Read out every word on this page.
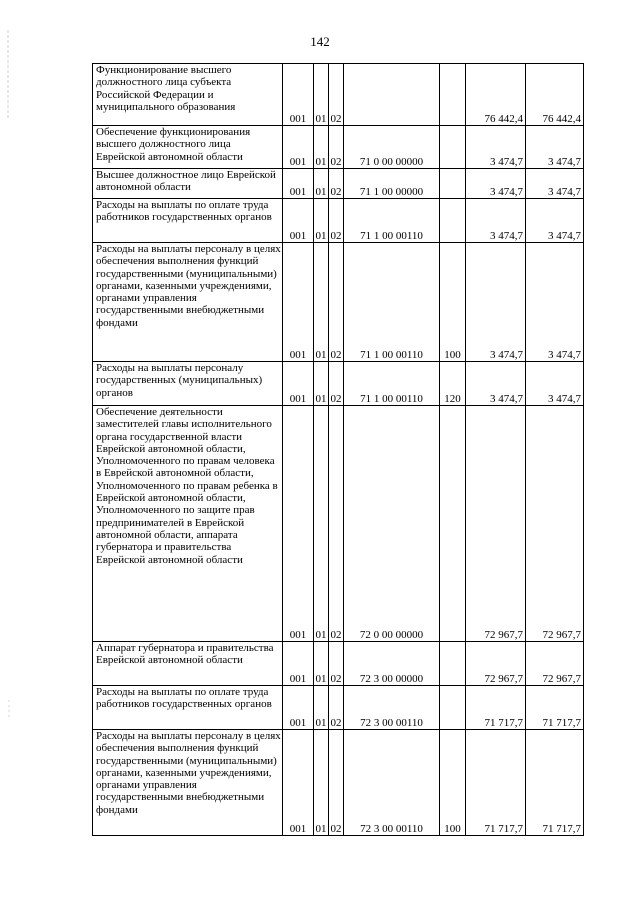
142
Функционирование высшего должностного лица субъекта Российской Федерации и муниципального образования	001	01	02			76 442,4	76 442,4
Обеспечение функционирования высшего должностного лица Еврейской автономной области	001	01	02	71 0 00 00000		3 474,7	3 474,7
Высшее должностное лицо Еврейской автономной области	001	01	02	71 1 00 00000		3 474,7	3 474,7
Расходы на выплаты по оплате труда работников государственных органов	001	01	02	71 1 00 00110		3 474,7	3 474,7
Расходы на выплаты персоналу в целях обеспечения выполнения функций государственными (муниципальными) органами, казенными учреждениями, органами управления государственными внебюджетными фондами	001	01	02	71 1 00 00110	100	3 474,7	3 474,7
Расходы на выплаты персоналу государственных (муниципальных) органов	001	01	02	71 1 00 00110	120	3 474,7	3 474,7
Обеспечение деятельности заместителей главы исполнительного органа государственной власти Еврейской автономной области, Уполномоченного по правам человека в Еврейской автономной области, Уполномоченного по правам ребенка в Еврейской автономной области, Уполномоченного по защите прав предпринимателей в Еврейской автономной области, аппарата губернатора и правительства Еврейской автономной области	001	01	02	72 0 00 00000		72 967,7	72 967,7
Аппарат губернатора и правительства Еврейской автономной области	001	01	02	72 3 00 00000		72 967,7	72 967,7
Расходы на выплаты по оплате труда работников государственных органов	001	01	02	72 3 00 00110		71 717,7	71 717,7
Расходы на выплаты персоналу в целях обеспечения выполнения функций государственными (муниципальными) органами, казенными учреждениями, органами управления государственными внебюджетными фондами	001	01	02	72 3 00 00110	100	71 717,7	71 717,7
